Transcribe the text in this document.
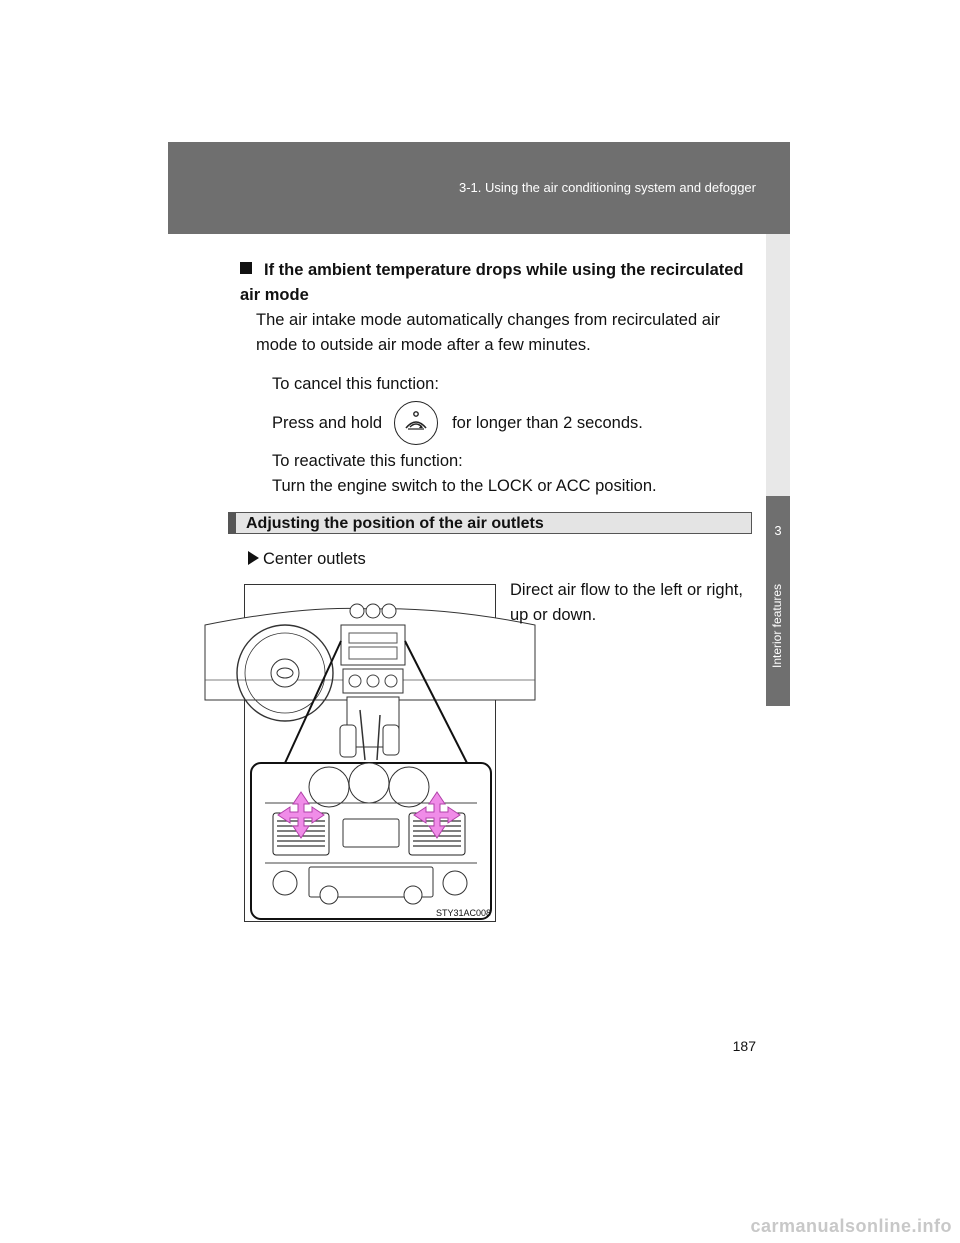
3-1. Using the air conditioning system and defogger
3
Interior features
If the ambient temperature drops while using the recirculated air mode
The air intake mode automatically changes from recirculated air mode to outside air mode after a few minutes.
To cancel this function:
Press and hold	for longer than 2 seconds.
To reactivate this function:
Turn the engine switch to the LOCK or ACC position.
Adjusting the position of the air outlets
Center outlets
STY31AC008
Direct air flow to the left or right, up or down.
187
carmanualsonline.info
